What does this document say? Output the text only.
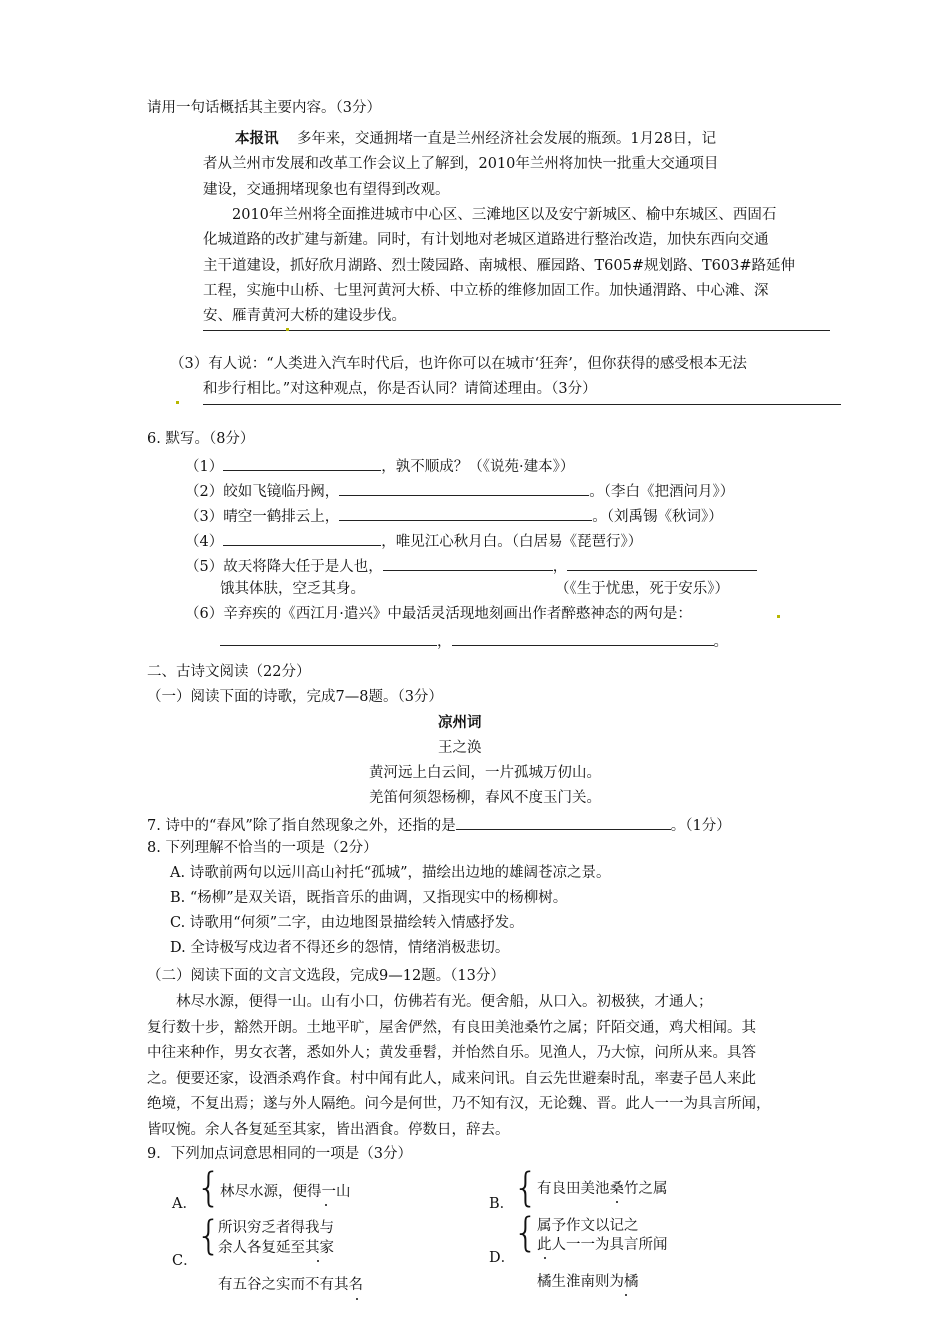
请用一句话概括其主要内容。（3分）
本报讯 多年来，交通拥堵一直是兰州经济社会发展的瓶颈。1月28日，记
者从兰州市发展和改革工作会议上了解到，2010年兰州将加快一批重大交通项目
建设，交通拥堵现象也有望得到改观。
2010年兰州将全面推进城市中心区、三滩地区以及安宁新城区、榆中东城区、西固石
化城道路的改扩建与新建。同时，有计划地对老城区道路进行整治改造，加快东西向交通
主干道建设，抓好欣月湖路、烈士陵园路、南城根、雁园路、T605#规划路、T603#路延伸
工程，实施中山桥、七里河黄河大桥、中立桥的维修加固工作。加快通渭路、中心滩、深
安、雁青黄河大桥的建设步伐。
（3）有人说：“人类进入汽车时代后，也许你可以在城市‘狂奔’，但你获得的感受根本无法
和步行相比。”对这种观点，你是否认同？请简述理由。（3分）
6. 默写。（8分）
（1）	，孰不顺成？（《说苑·建本》）
（2）皎如飞镜临丹阙，	。（李白《把酒问月》）
（3）晴空一鹤排云上，	。（刘禹锡《秋词》）
（4）	，唯见江心秋月白。（白居易《琵琶行》）
（5）故天将降大任于是人也，	，
饿其体肤，空乏其身。	（《生于忧患，死于安乐》）
（6）辛弃疾的《西江月·遣兴》中最活灵活现地刻画出作者醉憨神态的两句是：
，	。
二、古诗文阅读（22分）
（一）阅读下面的诗歌，完成7—8题。（3分）
凉州词
王之涣
黄河远上白云间，一片孤城万仞山。
羌笛何须怨杨柳，春风不度玉门关。
7. 诗中的“春风”除了指自然现象之外，还指的是	。（1分）
8. 下列理解不恰当的一项是（2分）
A. 诗歌前两句以远川高山衬托“孤城”，描绘出边地的雄阔苍凉之景。
B. “杨柳”是双关语，既指音乐的曲调，又指现实中的杨柳树。
C. 诗歌用“何须”二字，由边地图景描绘转入情感抒发。
D. 全诗极写戍边者不得还乡的怨情，情绪消极悲切。
（二）阅读下面的文言文选段，完成9—12题。（13分）
林尽水源，便得一山。山有小口，仿佛若有光。便舍船，从口入。初极狭，才通人；
复行数十步，豁然开朗。土地平旷，屋舍俨然，有良田美池桑竹之属；阡陌交通，鸡犬相闻。其
中往来种作，男女衣著，悉如外人；黄发垂髫，并怡然自乐。见渔人，乃大惊，问所从来。具答
之。便要还家，设酒杀鸡作食。村中闻有此人，咸来问讯。自云先世避秦时乱，率妻子邑人来此
绝境，不复出焉；遂与外人隔绝。问今是何世，乃不知有汉，无论魏、晋。此人一一为具言所闻，
皆叹惋。余人各复延至其家，皆出酒食。停数日，辞去。
9．下列加点词意思相同的一项是（3分）
A． {
林尽水源，便得一山
B．
{
有良田美池桑竹之属
C．
{
所识穷乏者得我与
余人各复延至其家
D．
{
属予作文以记之
此人一一为具言所闻
有五谷之实而不有其名	橘生淮南则为橘
